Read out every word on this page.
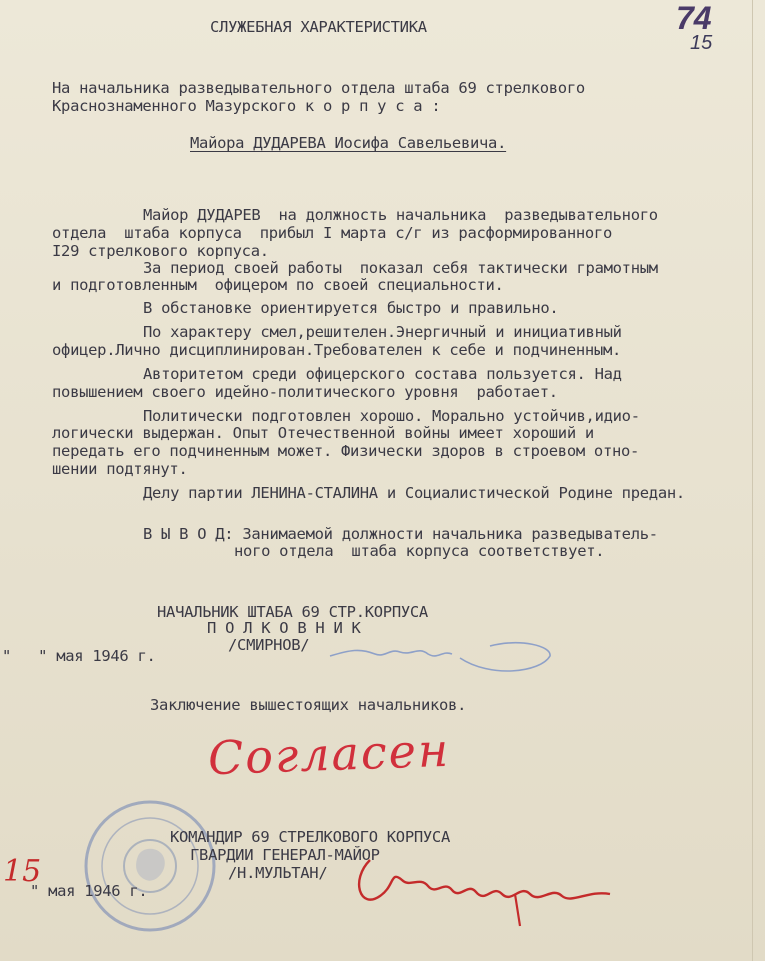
74
15
СЛУЖЕБНАЯ ХАРАКТЕРИСТИКА
На начальника разведывательного отдела штаба 69 стрелкового
Краснознаменного Мазурского к о р п у с а :
Майора ДУДАРЕВА Иосифа Савельевича.
Майор ДУДАРЕВ  на должность начальника  разведывательного
отдела  штаба корпуса  прибыл I марта с/г из расформированного
I29 стрелкового корпуса.
За период своей работы  показал себя тактически грамотным
и подготовленным  офицером по своей специальности.
В обстановке ориентируется быстро и правильно.
По характеру смел,решителен.Энергичный и инициативный
офицер.Лично дисциплинирован.Требователен к себе и подчиненным.
Авторитетом среди офицерского состава пользуется. Над
повышением своего идейно-политического уровня  работает.
Политически подготовлен хорошо. Морально устойчив,идио-
логически выдержан. Опыт Отечественной войны имеет хороший и
передать его подчиненным может. Физически здоров в строевом отно-
шении подтянут.
Делу партии ЛЕНИНА-СТАЛИНА и Социалистической Родине предан.
В Ы В О Д: Занимаемой должности начальника разведыватель-
ного отдела  штаба корпуса соответствует.
НАЧАЛЬНИК ШТАБА 69 СТР.КОРПУСА
П О Л К О В Н И К
/СМИРНОВ/
"   " мая 1946 г.
Заключение вышестоящих начальников.
Согласен
КОМАНДИР 69 СТРЕЛКОВОГО КОРПУСА
ГВАРДИИ ГЕНЕРАЛ-МАЙОР
/Н.МУЛЬТАН/
15
" мая 1946 г.
